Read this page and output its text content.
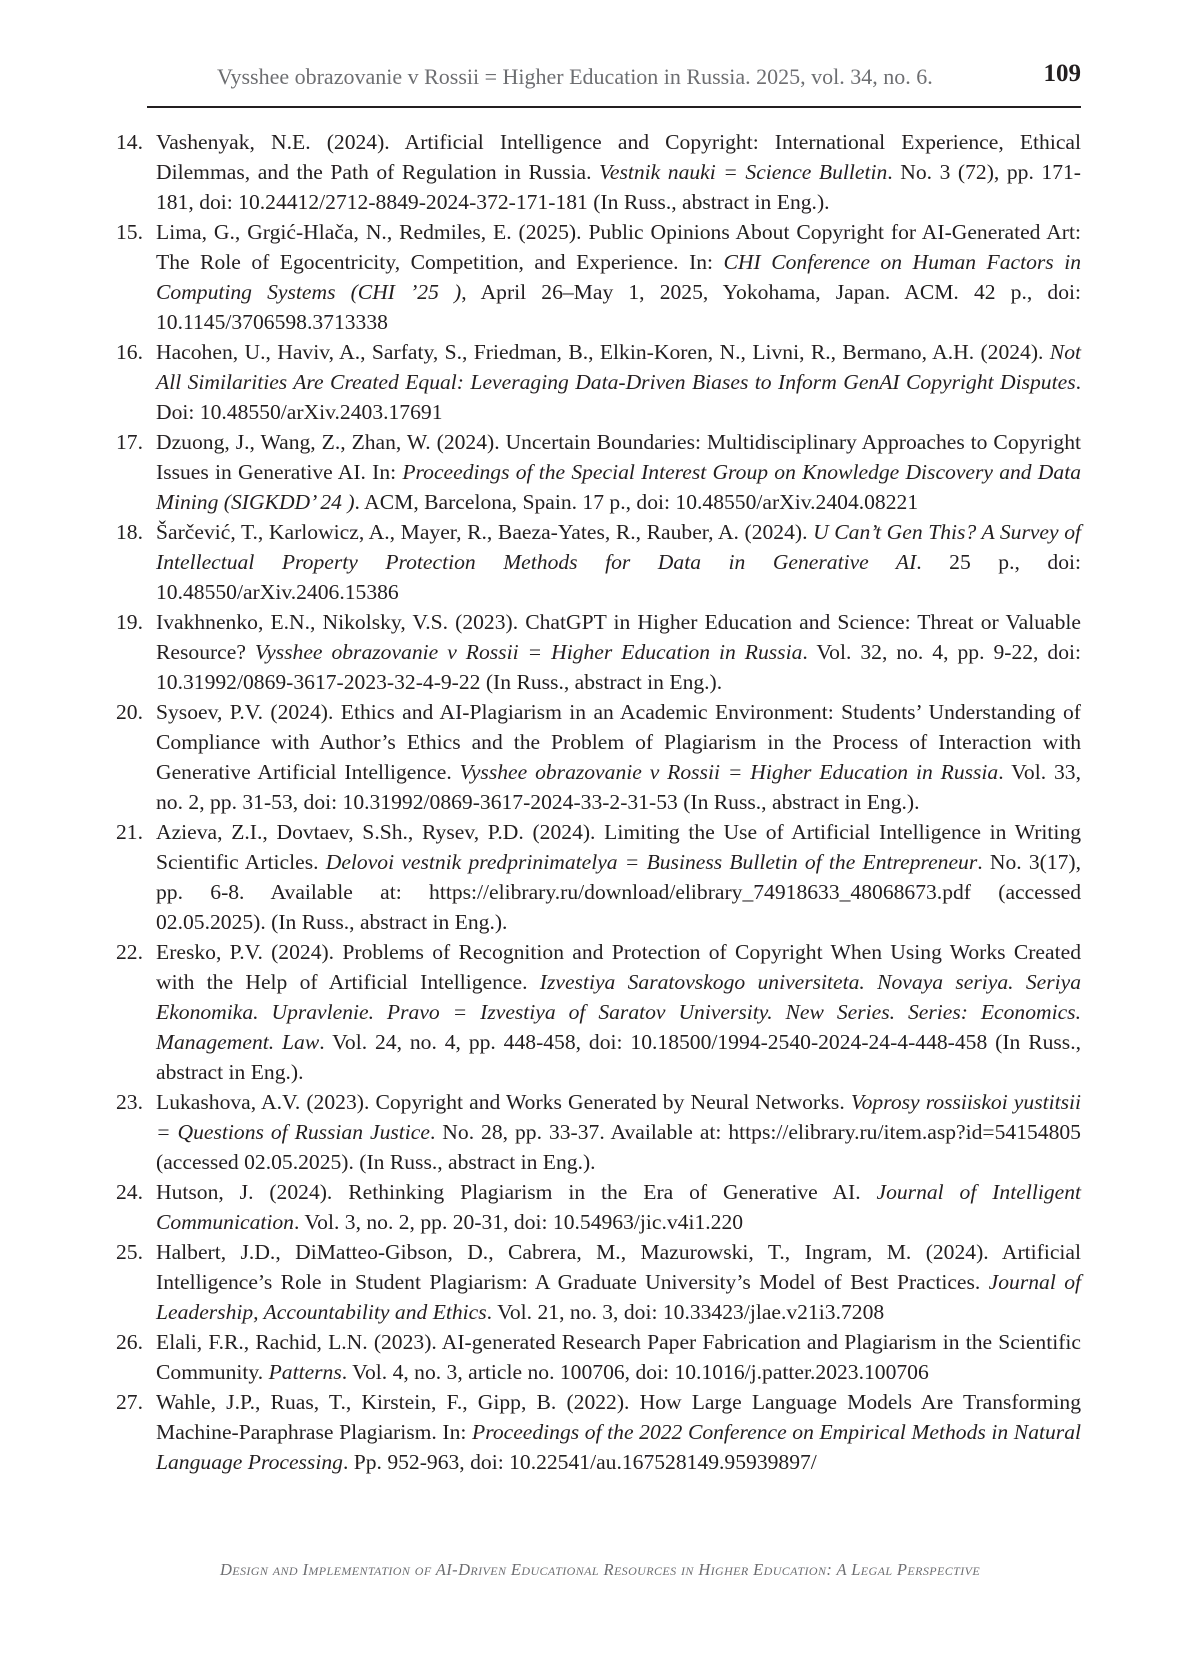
Vysshee obrazovanie v Rossii = Higher Education in Russia. 2025, vol. 34, no. 6.	109
14. Vashenyak, N.E. (2024). Artificial Intelligence and Copyright: International Experience, Ethical Dilemmas, and the Path of Regulation in Russia. Vestnik nauki = Science Bulletin. No. 3 (72), pp. 171-181, doi: 10.24412/2712-8849-2024-372-171-181 (In Russ., abstract in Eng.).
15. Lima, G., Grgić-Hlača, N., Redmiles, E. (2025). Public Opinions About Copyright for AI-Generated Art: The Role of Egocentricity, Competition, and Experience. In: CHI Conference on Human Factors in Computing Systems (CHI ’25 ), April 26–May 1, 2025, Yokohama, Japan. ACM. 42 p., doi: 10.1145/3706598.3713338
16. Hacohen, U., Haviv, A., Sarfaty, S., Friedman, B., Elkin-Koren, N., Livni, R., Bermano, A.H. (2024). Not All Similarities Are Created Equal: Leveraging Data-Driven Biases to Inform GenAI Copyright Disputes. Doi: 10.48550/arXiv.2403.17691
17. Dzuong, J., Wang, Z., Zhan, W. (2024). Uncertain Boundaries: Multidisciplinary Approaches to Copyright Issues in Generative AI. In: Proceedings of the Special Interest Group on Knowledge Discovery and Data Mining (SIGKDD’ 24 ). ACM, Barcelona, Spain. 17 p., doi: 10.48550/arXiv.2404.08221
18. Šarčević, T., Karlowicz, A., Mayer, R., Baeza-Yates, R., Rauber, A. (2024). U Can’t Gen This? A Survey of Intellectual Property Protection Methods for Data in Generative AI. 25 p., doi: 10.48550/arXiv.2406.15386
19. Ivakhnenko, E.N., Nikolsky, V.S. (2023). ChatGPT in Higher Education and Science: Threat or Valuable Resource? Vysshee obrazovanie v Rossii = Higher Education in Russia. Vol. 32, no. 4, pp. 9-22, doi: 10.31992/0869-3617-2023-32-4-9-22 (In Russ., abstract in Eng.).
20. Sysoev, P.V. (2024). Ethics and AI-Plagiarism in an Academic Environment: Students’ Understanding of Compliance with Author’s Ethics and the Problem of Plagiarism in the Process of Interaction with Generative Artificial Intelligence. Vysshee obrazovanie v Rossii = Higher Education in Russia. Vol. 33, no. 2, pp. 31-53, doi: 10.31992/0869-3617-2024-33-2-31-53 (In Russ., abstract in Eng.).
21. Azieva, Z.I., Dovtaev, S.Sh., Rysev, P.D. (2024). Limiting the Use of Artificial Intelligence in Writing Scientific Articles. Delovoi vestnik predprinimatelya = Business Bulletin of the Entrepreneur. No. 3(17), pp. 6-8. Available at: https://elibrary.ru/download/elibrary_74918633_48068673.pdf (accessed 02.05.2025). (In Russ., abstract in Eng.).
22. Eresko, P.V. (2024). Problems of Recognition and Protection of Copyright When Using Works Created with the Help of Artificial Intelligence. Izvestiya Saratovskogo universiteta. Novaya seriya. Seriya Ekonomika. Upravlenie. Pravo = Izvestiya of Saratov University. New Series. Series: Economics. Management. Law. Vol. 24, no. 4, pp. 448-458, doi: 10.18500/1994-2540-2024-24-4-448-458 (In Russ., abstract in Eng.).
23. Lukashova, A.V. (2023). Copyright and Works Generated by Neural Networks. Voprosy rossiiskoi yustitsii = Questions of Russian Justice. No. 28, pp. 33-37. Available at: https://elibrary.ru/item.asp?id=54154805 (accessed 02.05.2025). (In Russ., abstract in Eng.).
24. Hutson, J. (2024). Rethinking Plagiarism in the Era of Generative AI. Journal of Intelligent Communication. Vol. 3, no. 2, pp. 20-31, doi: 10.54963/jic.v4i1.220
25. Halbert, J.D., DiMatteo-Gibson, D., Cabrera, M., Mazurowski, T., Ingram, M. (2024). Artificial Intelligence’s Role in Student Plagiarism: A Graduate University’s Model of Best Practices. Journal of Leadership, Accountability and Ethics. Vol. 21, no. 3, doi: 10.33423/jlae.v21i3.7208
26. Elali, F.R., Rachid, L.N. (2023). AI-generated Research Paper Fabrication and Plagiarism in the Scientific Community. Patterns. Vol. 4, no. 3, article no. 100706, doi: 10.1016/j.patter.2023.100706
27. Wahle, J.P., Ruas, T., Kirstein, F., Gipp, B. (2022). How Large Language Models Are Transforming Machine-Paraphrase Plagiarism. In: Proceedings of the 2022 Conference on Empirical Methods in Natural Language Processing. Pp. 952-963, doi: 10.22541/au.167528149.95939897/
Design and Implementation of AI-Driven Educational Resources in Higher Education: A Legal Perspective
